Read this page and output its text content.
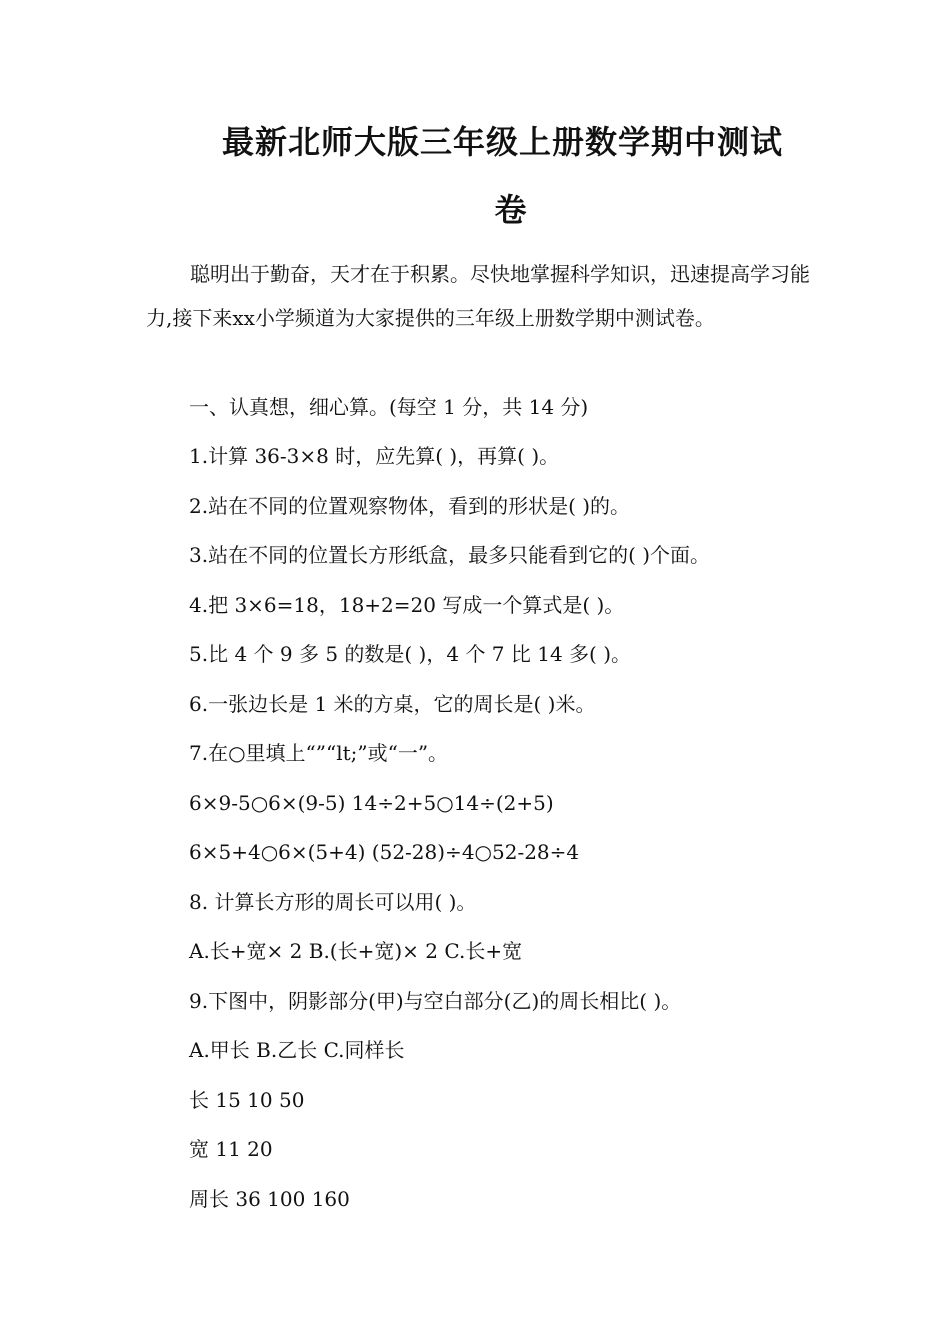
最新北师大版三年级上册数学期中测试
卷

聪明出于勤奋，天才在于积累。尽快地掌握科学知识，迅速提高学习能力,接下来xx小学频道为大家提供的三年级上册数学期中测试卷。

一、认真想，细心算。(每空 1 分，共 14 分)

1.计算 36-3×8 时，应先算( )，再算( )。

2.站在不同的位置观察物体，看到的形状是( )的。

3.站在不同的位置长方形纸盒，最多只能看到它的( )个面。

4.把 3×6=18，18+2=20 写成一个算式是( )。

5.比 4 个 9 多 5 的数是( )，4 个 7 比 14 多( )。

6.一张边长是 1 米的方桌，它的周长是( )米。

7.在○里填上“”“lt;”或“一”。

6×9-5○6×(9-5) 14÷2+5○14÷(2+5)

6×5+4○6×(5+4) (52-28)÷4○52-28÷4

8. 计算长方形的周长可以用( )。

A.长+宽× 2 B.(长+宽)× 2 C.长+宽

9.下图中，阴影部分(甲)与空白部分(乙)的周长相比( )。

A.甲长 B.乙长 C.同样长

长 15 10 50

宽 11 20

周长 36 100 160
